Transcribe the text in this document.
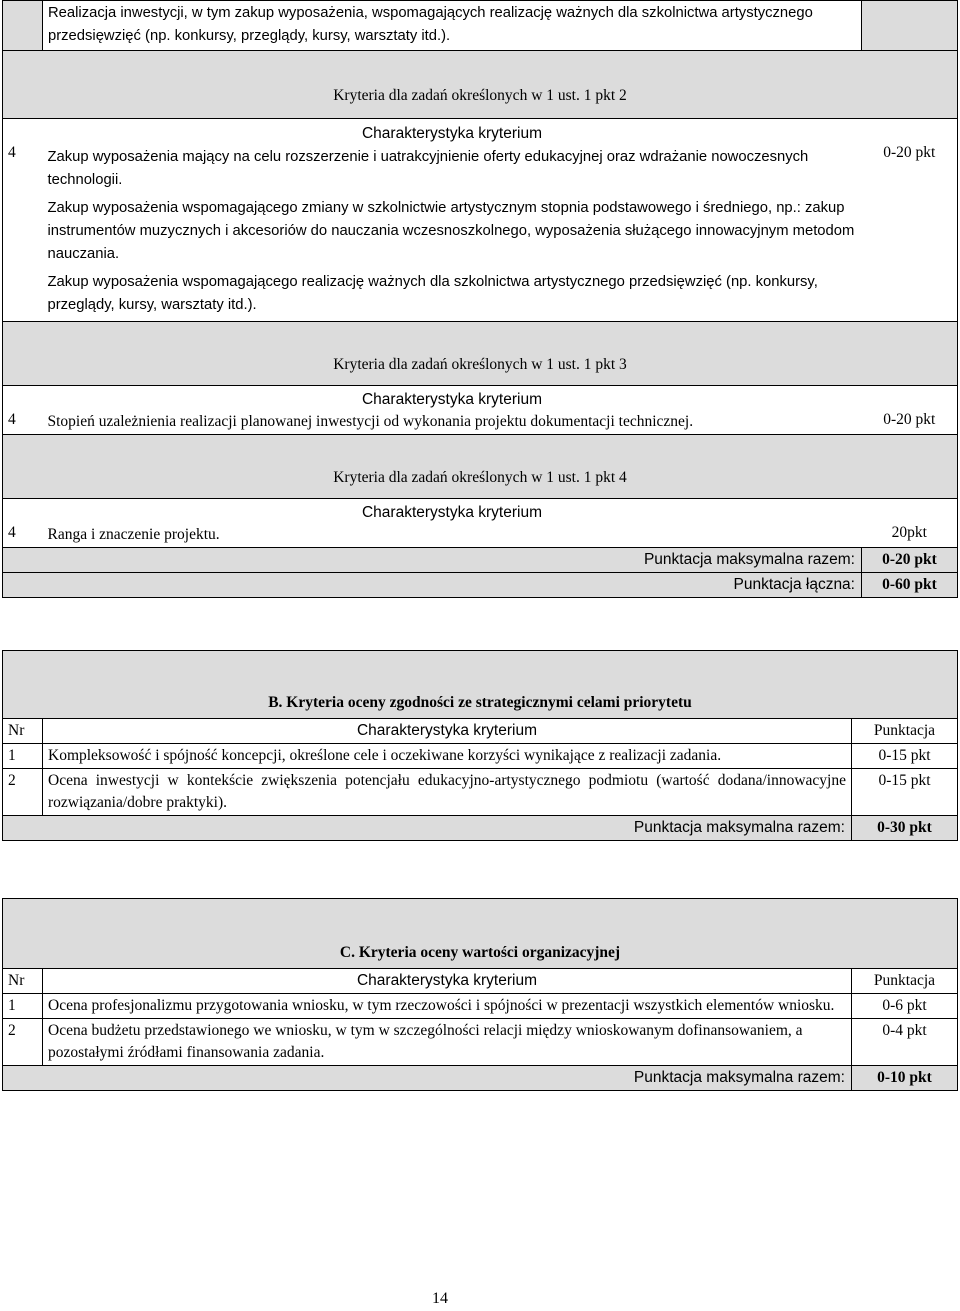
	Realizacja inwestycji, w tym zakup wyposażenia, wspomagających realizację ważnych dla szkolnictwa artystycznego przedsięwzięć (np. konkursy, przeglądy, kursy, warsztaty itd.).	
Kryteria dla zadań określonych w 1 ust. 1 pkt 2		
4	Charakterystyka kryterium
Zakup wyposażenia mający na celu rozszerzenie i uatrakcyjnienie oferty edukacyjnej oraz wdrażanie nowoczesnych technologii.
Zakup wyposażenia wspomagającego zmiany w szkolnictwie artystycznym stopnia podstawowego i średniego, np.: zakup instrumentów muzycznych i akcesoriów do nauczania wczesnoszkolnego, wyposażenia służącego innowacyjnym metodom nauczania.
Zakup wyposażenia wspomagającego realizację ważnych dla szkolnictwa artystycznego przedsięwzięć (np. konkursy, przeglądy, kursy, warsztaty itd.).	0-20 pkt
Kryteria dla zadań określonych w 1 ust. 1 pkt 3		
4	Charakterystyka kryterium
Stopień uzależnienia realizacji planowanej inwestycji od wykonania projektu dokumentacji technicznej.	0-20 pkt
Kryteria dla zadań określonych w 1 ust. 1 pkt 4		
4	Charakterystyka kryterium
Ranga i znaczenie projektu.	20pkt
Punktacja maksymalna razem:		0-20 pkt
Punktacja łączna:		0-60 pkt
B. Kryteria oceny zgodności ze strategicznymi celami priorytetu		
Nr	Charakterystyka kryterium	Punktacja
1	Kompleksowość i spójność koncepcji, określone cele i oczekiwane korzyści wynikające z realizacji zadania.	0-15 pkt
2	Ocena inwestycji w kontekście zwiększenia potencjału edukacyjno-artystycznego podmiotu (wartość dodana/innowacyjne rozwiązania/dobre praktyki).	0-15 pkt
Punktacja maksymalna razem:		0-30 pkt
C. Kryteria oceny wartości organizacyjnej		
Nr	Charakterystyka kryterium	Punktacja
1	Ocena profesjonalizmu przygotowania wniosku, w tym rzeczowości i spójności w prezentacji wszystkich elementów wniosku.	0-6 pkt
2	Ocena budżetu przedstawionego we wniosku, w tym w szczególności relacji między wnioskowanym dofinansowaniem, a pozostałymi źródłami finansowania zadania.	0-4 pkt
Punktacja maksymalna razem:		0-10 pkt
14
